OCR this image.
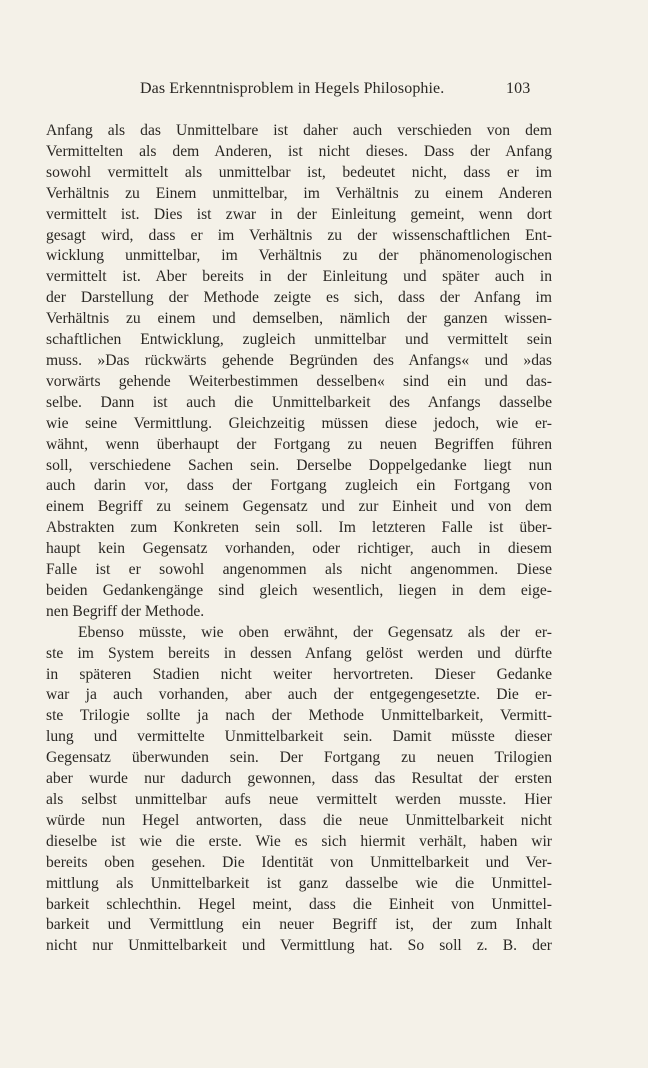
Das Erkenntnisproblem in Hegels Philosophie.	103

Anfang als das Unmittelbare ist daher auch verschieden von dem
Vermittelten als dem Anderen, ist nicht dieses. Dass der Anfang
sowohl vermittelt als unmittelbar ist, bedeutet nicht, dass er im
Verhältnis zu Einem unmittelbar, im Verhältnis zu einem Anderen
vermittelt ist. Dies ist zwar in der Einleitung gemeint, wenn dort
gesagt wird, dass er im Verhältnis zu der wissenschaftlichen Ent-
wicklung unmittelbar, im Verhältnis zu der phänomenologischen
vermittelt ist. Aber bereits in der Einleitung und später auch in
der Darstellung der Methode zeigte es sich, dass der Anfang im
Verhältnis zu einem und demselben, nämlich der ganzen wissen-
schaftlichen Entwicklung, zugleich unmittelbar und vermittelt sein
muss. »Das rückwärts gehende Begründen des Anfangs« und »das
vorwärts gehende Weiterbestimmen desselben« sind ein und das-
selbe. Dann ist auch die Unmittelbarkeit des Anfangs dasselbe
wie seine Vermittlung. Gleichzeitig müssen diese jedoch, wie er-
wähnt, wenn überhaupt der Fortgang zu neuen Begriffen führen
soll, verschiedene Sachen sein. Derselbe Doppelgedanke liegt nun
auch darin vor, dass der Fortgang zugleich ein Fortgang von
einem Begriff zu seinem Gegensatz und zur Einheit und von dem
Abstrakten zum Konkreten sein soll. Im letzteren Falle ist über-
haupt kein Gegensatz vorhanden, oder richtiger, auch in diesem
Falle ist er sowohl angenommen als nicht angenommen. Diese
beiden Gedankengänge sind gleich wesentlich, liegen in dem eige-
nen Begriff der Methode.

Ebenso müsste, wie oben erwähnt, der Gegensatz als der er-
ste im System bereits in dessen Anfang gelöst werden und dürfte
in späteren Stadien nicht weiter hervortreten. Dieser Gedanke
war ja auch vorhanden, aber auch der entgegengesetzte. Die er-
ste Trilogie sollte ja nach der Methode Unmittelbarkeit, Vermitt-
lung und vermittelte Unmittelbarkeit sein. Damit müsste dieser
Gegensatz überwunden sein. Der Fortgang zu neuen Trilogien
aber wurde nur dadurch gewonnen, dass das Resultat der ersten
als selbst unmittelbar aufs neue vermittelt werden musste. Hier
würde nun Hegel antworten, dass die neue Unmittelbarkeit nicht
dieselbe ist wie die erste. Wie es sich hiermit verhält, haben wir
bereits oben gesehen. Die Identität von Unmittelbarkeit und Ver-
mittlung als Unmittelbarkeit ist ganz dasselbe wie die Unmittel-
barkeit schlechthin. Hegel meint, dass die Einheit von Unmittel-
barkeit und Vermittlung ein neuer Begriff ist, der zum Inhalt
nicht nur Unmittelbarkeit und Vermittlung hat. So soll z. B. der
